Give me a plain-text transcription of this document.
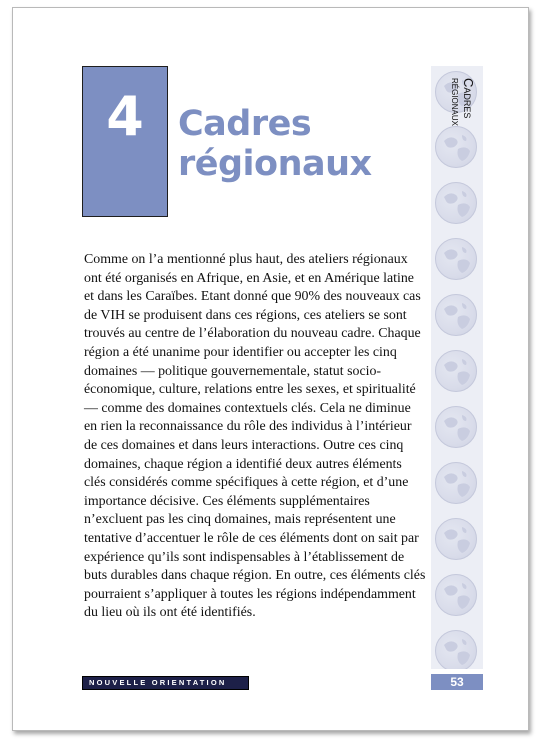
4 Cadres
régionaux
Comme on l’a mentionné plus haut, des ateliers régionaux ont été organisés en Afrique, en Asie, et en Amérique latine et dans les Caraïbes. Etant donné que 90% des nouveaux cas de VIH se produisent dans ces régions, ces ateliers se sont trouvés au centre de l’élaboration du nouveau cadre. Chaque région a été unanime pour identifier ou accepter les cinq domaines — politique gouvernementale, statut socio-économique, culture, relations entre les sexes, et spiritualité — comme des domaines contextuels clés. Cela ne diminue en rien la reconnaissance du rôle des individus à l’intérieur de ces domaines et dans leurs interactions. Outre ces cinq domaines, chaque région a identifié deux autres éléments clés considérés comme spécifiques à cette région, et d’une importance décisive. Ces éléments supplémentaires n’excluent pas les cinq domaines, mais représentent une tentative d’accentuer le rôle de ces éléments dont on sait par expérience qu’ils sont indispensables à l’établissement de buts durables dans chaque région. En outre, ces éléments clés pourraient s’appliquer à toutes les régions indépendamment du lieu où ils ont été identifiés.
Cadres
régionaux
NOUVELLE ORIENTATION	53
